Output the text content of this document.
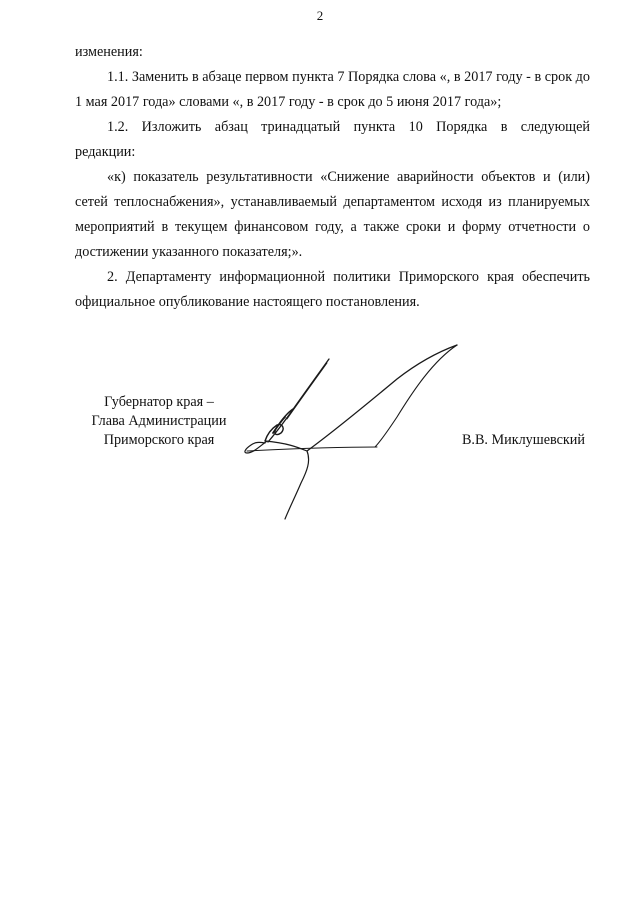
2

изменения:

1.1. Заменить в абзаце первом пункта 7 Порядка слова «, в 2017 году - в срок до 1 мая 2017 года» словами «, в 2017 году - в срок до 5 июня 2017 года»;

1.2. Изложить абзац тринадцатый пункта 10 Порядка в следующей редакции:

«к) показатель результативности «Снижение аварийности объектов и (или) сетей теплоснабжения», устанавливаемый департаментом исходя из планируемых мероприятий в текущем финансовом году, а также сроки и форму отчетности о достижении указанного показателя;».

2. Департаменту информационной политики Приморского края обеспечить официальное опубликование настоящего постановления.

Губернатор края –
Глава Администрации
Приморского края	В.В. Миклушевский
